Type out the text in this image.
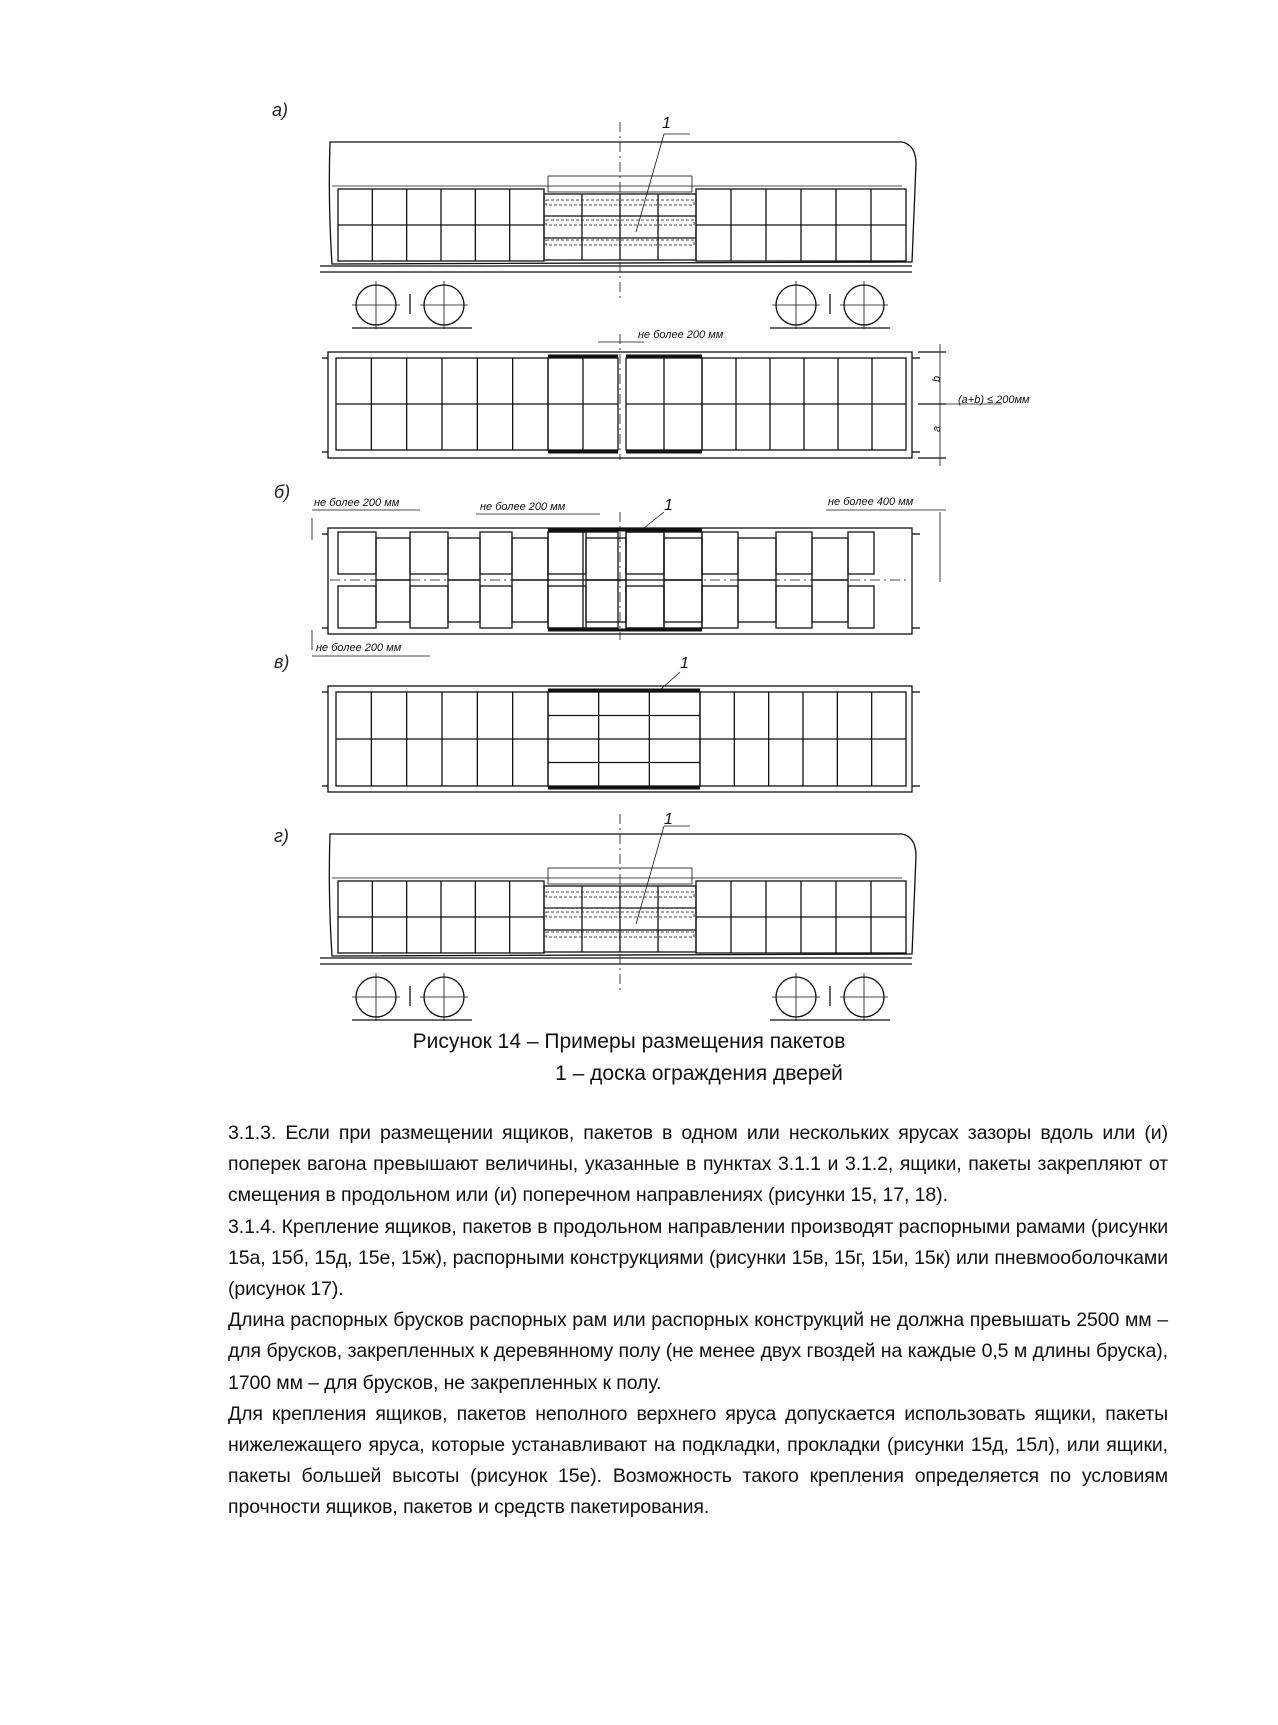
а)
б)
в)
г)
1
1
1
1
не более 200 мм
(a+b) ≤ 200мм
b
a
не более 200 мм	не более 200 мм	не более 400 мм
не более 200 мм
Рисунок 14 – Примеры размещения пакетов
1 – доска ограждения дверей

3.1.3. Если при размещении ящиков, пакетов в одном или нескольких ярусах зазоры вдоль или (и) поперек вагона превышают величины, указанные в пунктах 3.1.1 и 3.1.2, ящики, пакеты закрепляют от смещения в продольном или (и) поперечном направлениях (рисунки 15, 17, 18).

3.1.4. Крепление ящиков, пакетов в продольном направлении производят распорными рамами (рисунки 15а, 15б, 15д, 15е, 15ж), распорными конструкциями (рисунки 15в, 15г, 15и, 15к) или пневмооболочками (рисунок 17).

Длина распорных брусков распорных рам или распорных конструкций не должна превышать 2500 мм – для брусков, закрепленных к деревянному полу (не менее двух гвоздей на каждые 0,5 м длины бруска), 1700 мм – для брусков, не закрепленных к полу.

Для крепления ящиков, пакетов неполного верхнего яруса допускается использовать ящики, пакеты нижележащего яруса, которые устанавливают на подкладки, прокладки (рисунки 15д, 15л), или ящики, пакеты большей высоты (рисунок 15е). Возможность такого крепления определяется по условиям прочности ящиков, пакетов и средств пакетирования.
